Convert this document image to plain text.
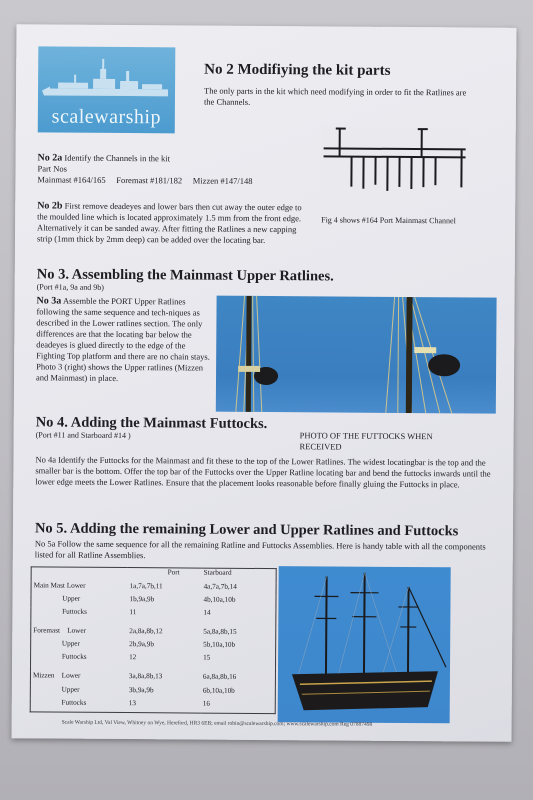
scalewarship
No 2 Modifiying the kit parts
The only parts in the kit which need modifying in order to fit the Ratlines are the Channels.
No 2a Identify the Channels in the kit
Part Nos
Mainmast #164/165 Foremast #181/182 Mizzen #147/148
Fig 4 shows #164 Port Mainmast Channel
No 2b First remove deadeyes and lower bars then cut away the outer edge to the moulded line which is located approximately 1.5 mm from the front edge. Alternatively it can be sanded away. After fitting the Ratlines a new capping strip (1mm thick by 2mm deep) can be added over the locating bar.
No 3. Assembling the Mainmast Upper Ratlines.
(Port #1a, 9a and 9b)
No 3a Assemble the PORT Upper Ratlines following the same sequence and tech-niques as described in the Lower ratlines section. The only differences are that the locating bar below the deadeyes is glued directly to the edge of the Fighting Top platform and there are no chain stays. Photo 3 (right) shows the Upper ratlines (Mizzen and Mainmast) in place.
No 4. Adding the Mainmast Futtocks.
(Port #11 and Starboard #14 )	PHOTO OF THE FUTTOCKS WHEN RECEIVED
No 4a Identify the Futtocks for the Mainmast and fit these to the top of the Lower Ratlines. The widest locatingbar is the top and the smaller bar is the bottom. Offer the top bar of the Futtocks over the Upper Ratline locating bar and bend the futtocks inwards until the lower edge meets the Lower Ratlines. Ensure that the placement looks reasonable before finally gluing the Futtocks in place.
No 5. Adding the remaining Lower and Upper Ratlines and Futtocks
No 5a Follow the same sequence for all the remaining Ratline and Futtocks Assemblies. Here is handy table with all the components listed for all Ratline Assemblies.
	Port	Starboard
Main Mast Lower	1a,7a,7b,11	4a,7a,7b,14
Upper	1b,9a,9b	4b,10a,10b
Futtocks	11	14

Foremast    Lower	2a,8a,8b,12	5a,8a,8b,15
Upper	2b,9a,9b	5b,10a,10b
Futtocks	12	15

Mizzen    Lower	3a,8a,8b,13	6a,8a,8b,16
Upper	3b,9a,9b	6b,10a,10b
Futtocks	13	16
Scale Warship Ltd, Val View, Whitney on Wye, Hereford, HR3 6EB; email robin@scalewarship.com; www.scalewarship.com Reg 07887498
